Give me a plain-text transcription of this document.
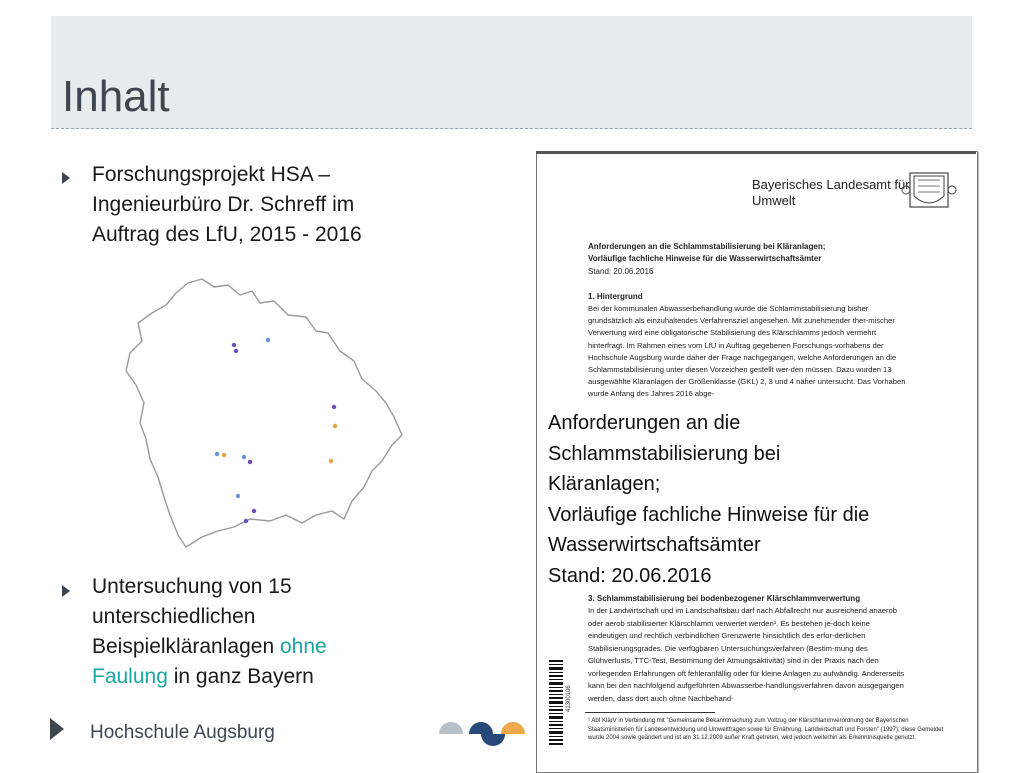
Inhalt
Forschungsprojekt HSA –
Ingenieurbüro Dr. Schreff im
Auftrag des LfU, 2015 - 2016
Untersuchung von 15
unterschiedlichen
Beispielkläranlagen ohne
Faulung in ganz Bayern
Bayerisches Landesamt für
Umwelt
Anforderungen an die Schlammstabilisierung bei Kläranlagen;
Vorläufige fachliche Hinweise für die Wasserwirtschaftsämter
Stand: 20.06.2016
1. Hintergrund
Bei der kommunalen Abwasserbehandlung wurde die Schlammstabilisierung bisher grundsätzlich als einzuhaltendes Verfahrensziel angesehen. Mit zunehmender ther-mischer Verwertung wird eine obligatorische Stabilisierung des Klärschlamms jedoch vermehrt hinterfragt. Im Rahmen eines vom LfU in Auftrag gegebenen Forschungs-vorhabens der Hochschule Augsburg wurde daher der Frage nachgegangen, welche Anforderungen an die Schlammstabilisierung unter diesen Vorzeichen gestellt wer-den müssen. Dazu wurden 13 ausgewählte Kläranlagen der Größenklasse (GKL) 2, 3 und 4 näher untersucht. Das Vorhaben wurde Anfang des Jahres 2016 abge-
Anforderungen an die
Schlammstabilisierung bei
Kläranlagen;
Vorläufige fachliche Hinweise für die
Wasserwirtschaftsämter
Stand: 20.06.2016
3. Schlammstabilisierung bei bodenbezogener Klärschlammverwertung
In der Landwirtschaft und im Landschaftsbau darf nach Abfallrecht nur ausreichend anaerob oder aerob stabilisierter Klärschlamm verwertet werden¹. Es bestehen je-doch keine eindeutigen und rechtlich verbindlichen Grenzwerte hinsichtlich des erfor-derlichen Stabilisierungsgrades. Die verfügbaren Untersuchungsverfahren (Bestim-mung des Glühverlusts, TTC-Test, Bestimmung der Atmungsaktivität) sind in der Praxis nach den vorliegenden Erfahrungen oft fehleranfällig oder für kleine Anlagen zu aufwändig. Andererseits kann bei den nachfolgend aufgeführten Abwasserbe-handlungsverfahren davon ausgegangen werden, dass dort auch ohne Nachbehand-
41300106
¹ Abf KlärV in Verbindung mit "Gemeinsame Bekanntmachung zum Vollzug der Klärschlammverordnung der Bayerischen Staatsministerien für Landesentwicklung und Umweltfragen sowie für Ernährung, Landwirtschaft und Forsten" (1997); diese Gemeldet wurde 2004 sowie geändert und ist am 31.12.2009 außer Kraft getreten, wird jedoch weiterhin als Erkenntnisquelle genutzt.
Hochschule Augsburg
